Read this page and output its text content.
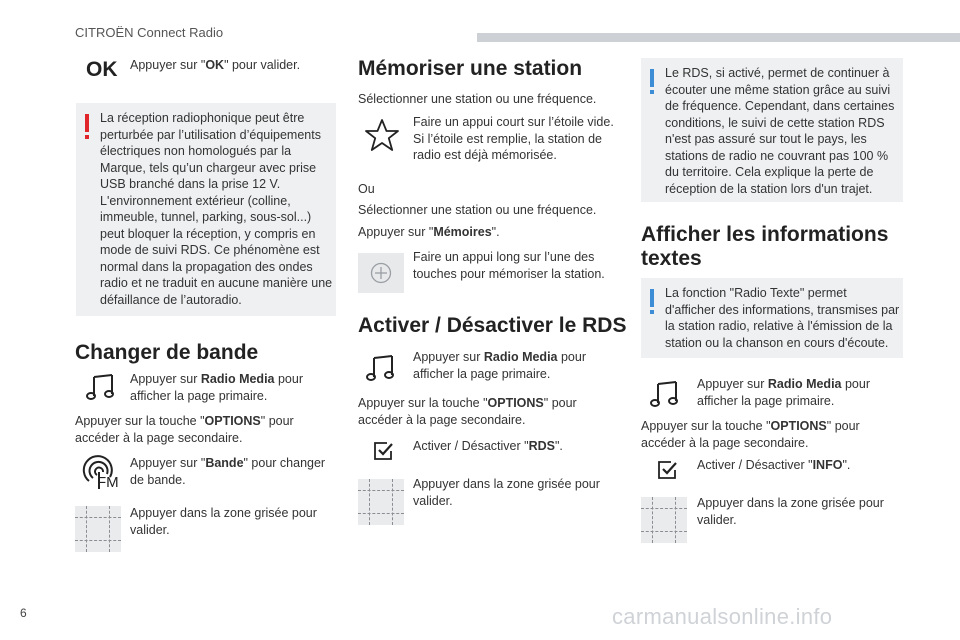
CITROËN Connect Radio
OK Appuyer sur "OK" pour valider.
La réception radiophonique peut être
perturbée par l’utilisation d’équipements
électriques non homologués par la
Marque, tels qu’un chargeur avec prise
USB branché dans la prise 12 V.
L'environnement extérieur (colline,
immeuble, tunnel, parking, sous-sol...)
peut bloquer la réception, y compris en
mode de suivi RDS. Ce phénomène est
normal dans la propagation des ondes
radio et ne traduit en aucune manière une
défaillance de l’autoradio.
Changer de bande
Appuyer sur Radio Media pour
afficher la page primaire.
Appuyer sur la touche "OPTIONS" pour
accéder à la page secondaire.
FM
Appuyer sur "Bande" pour changer
de bande.
Appuyer dans la zone grisée pour
valider.
Mémoriser une station
Sélectionner une station ou une fréquence.
Faire un appui court sur l’étoile vide.
Si l’étoile est remplie, la station de
radio est déjà mémorisée.
Ou
Sélectionner une station ou une fréquence.
Appuyer sur "Mémoires".
Faire un appui long sur l’une des
touches pour mémoriser la station.
Activer / Désactiver le RDS
Appuyer sur Radio Media pour
afficher la page primaire.
Appuyer sur la touche "OPTIONS" pour
accéder à la page secondaire.
Activer / Désactiver "RDS".
Appuyer dans la zone grisée pour
valider.
Le RDS, si activé, permet de continuer à
écouter une même station grâce au suivi
de fréquence. Cependant, dans certaines
conditions, le suivi de cette station RDS
n'est pas assuré sur tout le pays, les
stations de radio ne couvrant pas 100 %
du territoire. Cela explique la perte de
réception de la station lors d'un trajet.
Afficher les informations
textes
La fonction "Radio Texte" permet
d'afficher des informations, transmises par
la station radio, relative à l'émission de la
station ou la chanson en cours d'écoute.
Appuyer sur Radio Media pour
afficher la page primaire.
Appuyer sur la touche "OPTIONS" pour
accéder à la page secondaire.
Activer / Désactiver "INFO".
Appuyer dans la zone grisée pour
valider.
6	carmanualsonline.info
